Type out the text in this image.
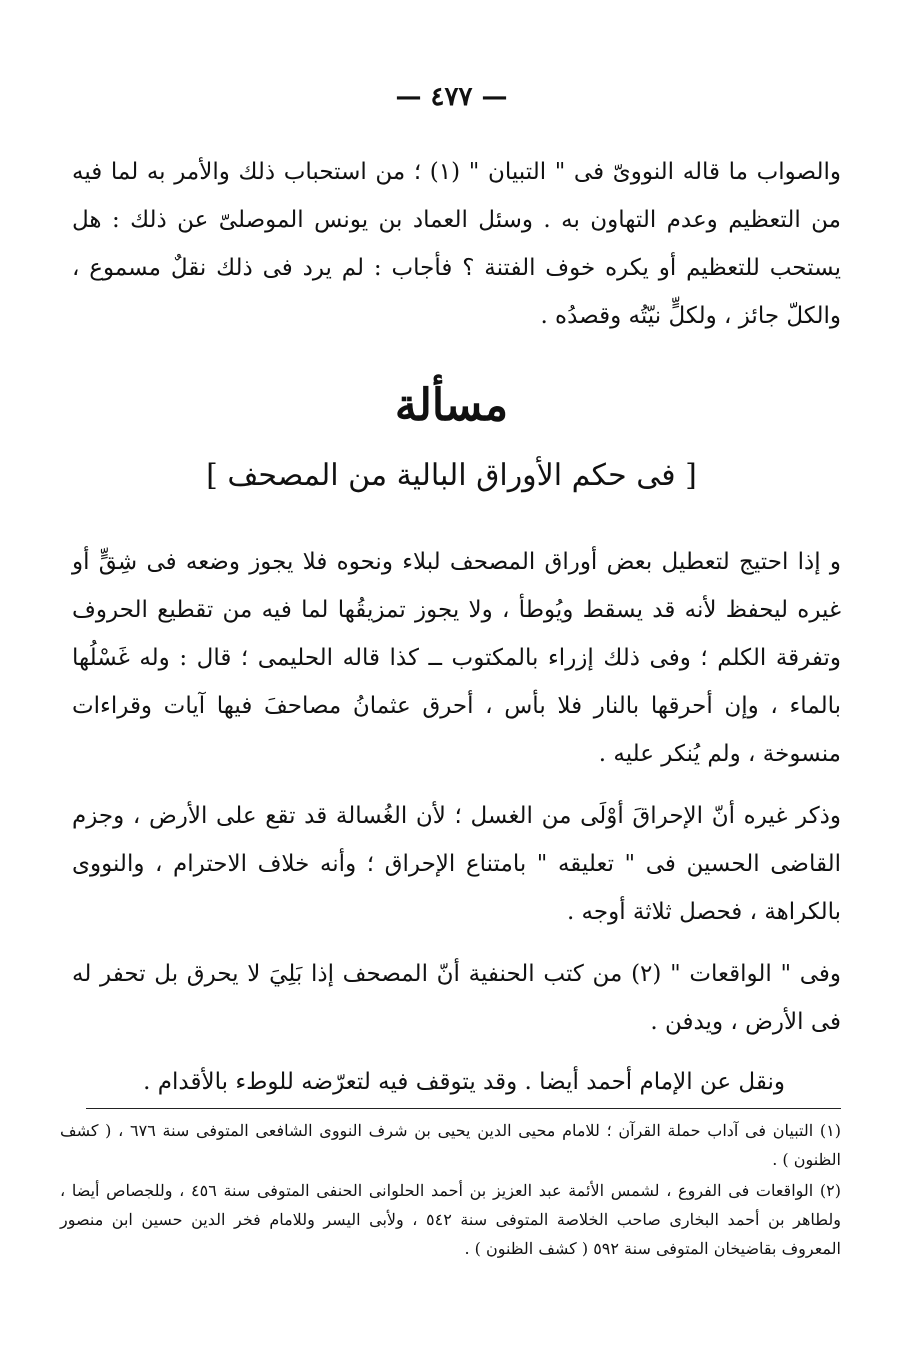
— ٤٧٧ —
والصواب ما قاله النووىّ فى " التبيان " (١) ؛ من استحباب ذلك والأمر به لما فيه من التعظيم وعدم التهاون به . وسئل العماد بن يونس الموصلىّ عن ذلك : هل يستحب للتعظيم أو يكره خوف الفتنة ؟ فأجاب : لم يرد فى ذلك نقلٌ مسموع ، والكلّ جائز ، ولكلٍّ نيّتُه وقصدُه .
مسألة
[ فى حكم الأوراق البالية من المصحف ]
و إذا احتيج لتعطيل بعض أوراق المصحف لبلاء ونحوه فلا يجوز وضعه فى شِقٍّ أو غيره ليحفظ لأنه قد يسقط ويُوطأ ، ولا يجوز تمزيقُها لما فيه من تقطيع الحروف وتفرقة الكلم ؛ وفى ذلك إزراء بالمكتوب ــ كذا قاله الحليمى ؛ قال : وله غَسْلُها بالماء ، وإن أحرقها بالنار فلا بأس ، أحرق عثمانُ مصاحفَ فيها آيات وقراءات منسوخة ، ولم يُنكر عليه .
وذكر غيره أنّ الإحراقَ أوْلَى من الغسل ؛ لأن الغُسالة قد تقع على الأرض ، وجزم القاضى الحسين فى " تعليقه " بامتناع الإحراق ؛ وأنه خلاف الاحترام ، والنووى بالكراهة ، فحصل ثلاثة أوجه .
وفى " الواقعات " (٢) من كتب الحنفية أنّ المصحف إذا بَلِيَ لا يحرق بل تحفر له فى الأرض ، ويدفن .
ونقل عن الإمام أحمد أيضا . وقد يتوقف فيه لتعرّضه للوطء بالأقدام .
(١) التبيان فى آداب حملة القرآن ؛ للامام محيى الدين يحيى بن شرف النووى الشافعى المتوفى سنة ٦٧٦ ، ( كشف الظنون ) .
(٢) الواقعات فى الفروع ، لشمس الأئمة عبد العزيز بن أحمد الحلوانى الحنفى المتوفى سنة ٤٥٦ ، وللجصاص أيضا ، ولطاهر بن أحمد البخارى صاحب الخلاصة المتوفى سنة ٥٤٢ ، ولأبى اليسر وللامام فخر الدين حسين ابن منصور المعروف بقاضيخان المتوفى سنة ٥٩٢ ( كشف الظنون ) .
